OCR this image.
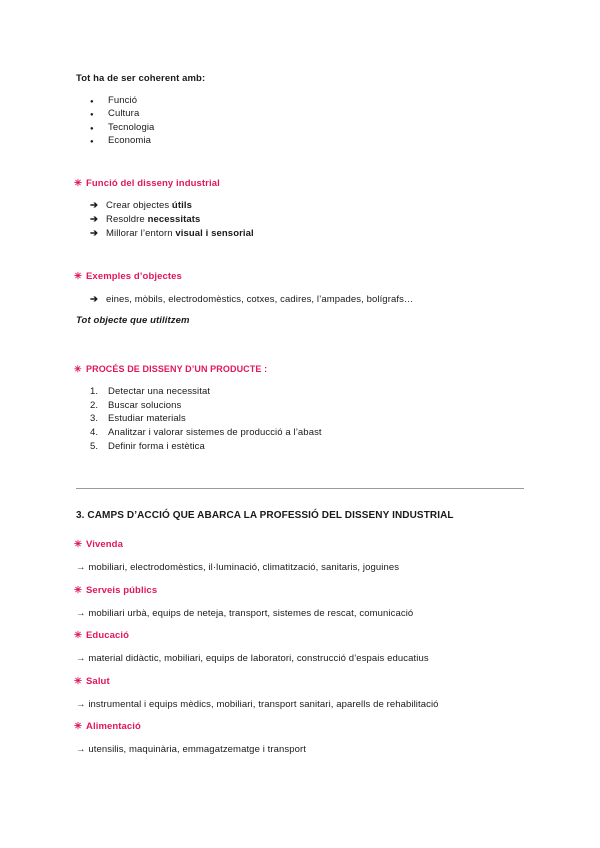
Tot ha de ser coherent amb:
● Funció
● Cultura
● Tecnologia
● Economia
✳ Funció del disseny industrial
➔ Crear objectes útils
➔ Resoldre necessitats
➔ Millorar l’entorn visual i sensorial
✳ Exemples d’objectes
➔ eines, mòbils, electrodomèstics, cotxes, cadires, l’ampades, bolígrafs…
Tot objecte que utilitzem
✳ PROCÉS DE DISSENY D’UN PRODUCTE :
1. Detectar una necessitat
2. Buscar solucions
3. Estudiar materials
4. Analitzar i valorar sistemes de producció a l’abast
5. Definir forma i estètica
3. CAMPS D’ACCIÓ QUE ABARCA LA PROFESSIÓ DEL DISSENY INDUSTRIAL
✳ Vivenda
→ mobiliari, electrodomèstics, il·luminació, climatització, sanitaris, joguines
✳ Serveis públics
→ mobiliari urbà, equips de neteja, transport, sistemes de rescat, comunicació
✳ Educació
→ material didàctic, mobiliari, equips de laboratori, construcció d’espais educatius
✳ Salut
→ instrumental i equips mèdics, mobiliari, transport sanitari, aparells de rehabilitació
✳ Alimentació
→ utensilis, maquinària, emmagatzematge i transport
